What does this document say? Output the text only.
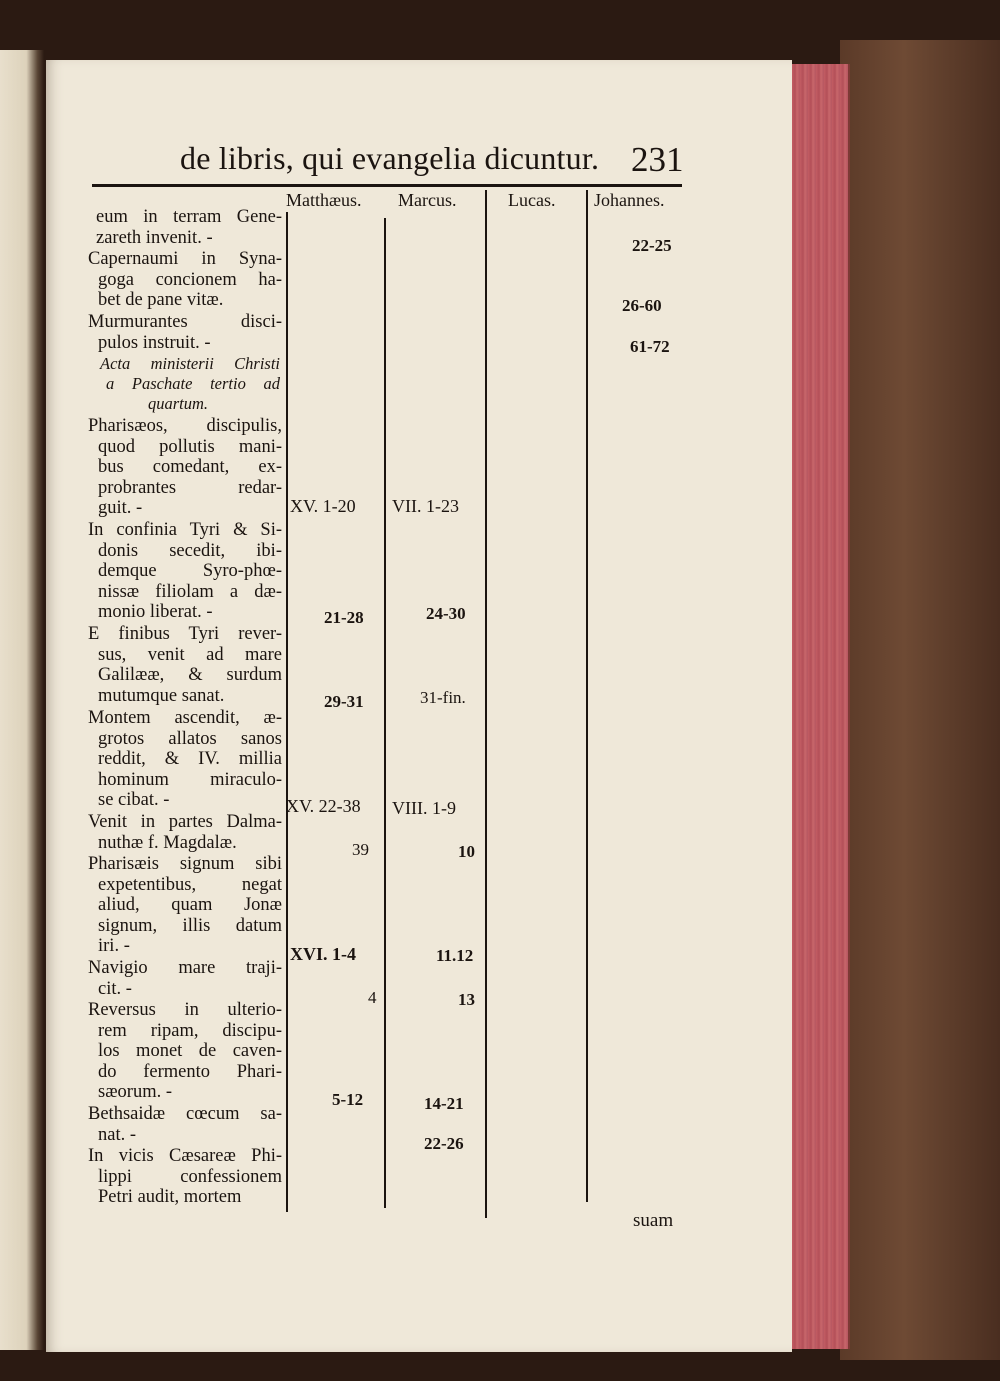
de libris, qui evangelia dicuntur. 231
Matthæus. Marcus.	Lucas. Johannes.
eum in terram Gene-
zareth invenit. -
Capernaumi in Syna-
goga concionem ha-
bet de pane vitæ.
Murmurantes disci-
pulos instruit. -
Acta ministerii Christi
a Paschate tertio ad
quartum.
Pharisæos, discipulis,
quod pollutis mani-
bus comedant, ex-
probrantes redar-
guit. -
In confinia Tyri & Si-
donis secedit, ibi-
demque Syro-phœ-
nissæ filiolam a dæ-
monio liberat. -
E finibus Tyri rever-
sus, venit ad mare
Galilææ, & surdum
mutumque sanat.
Montem ascendit, æ-
grotos allatos sanos
reddit, & IV. millia
hominum miraculo-
se cibat. -
Venit in partes Dalma-
nuthæ f. Magdalæ.
Pharisæis signum sibi
expetentibus, negat
aliud, quam Jonæ
signum, illis datum
iri. -
Navigio mare traji-
cit. -
Reversus in ulterio-
rem ripam, discipu-
los monet de caven-
do fermento Phari-
sæorum. -
Bethsaidæ cœcum sa-
nat. -
In vicis Cæsareæ Phi-
lippi confessionem
Petri audit, mortem
22-25
26-60
61-72
XV. 1-20
21-28
29-31
XV. 22-38
39
XVI. 1-4
4
5-12
VII. 1-23
24-30
31-fin.
VIII. 1-9
10
11.12
13
14-21
22-26
suam
